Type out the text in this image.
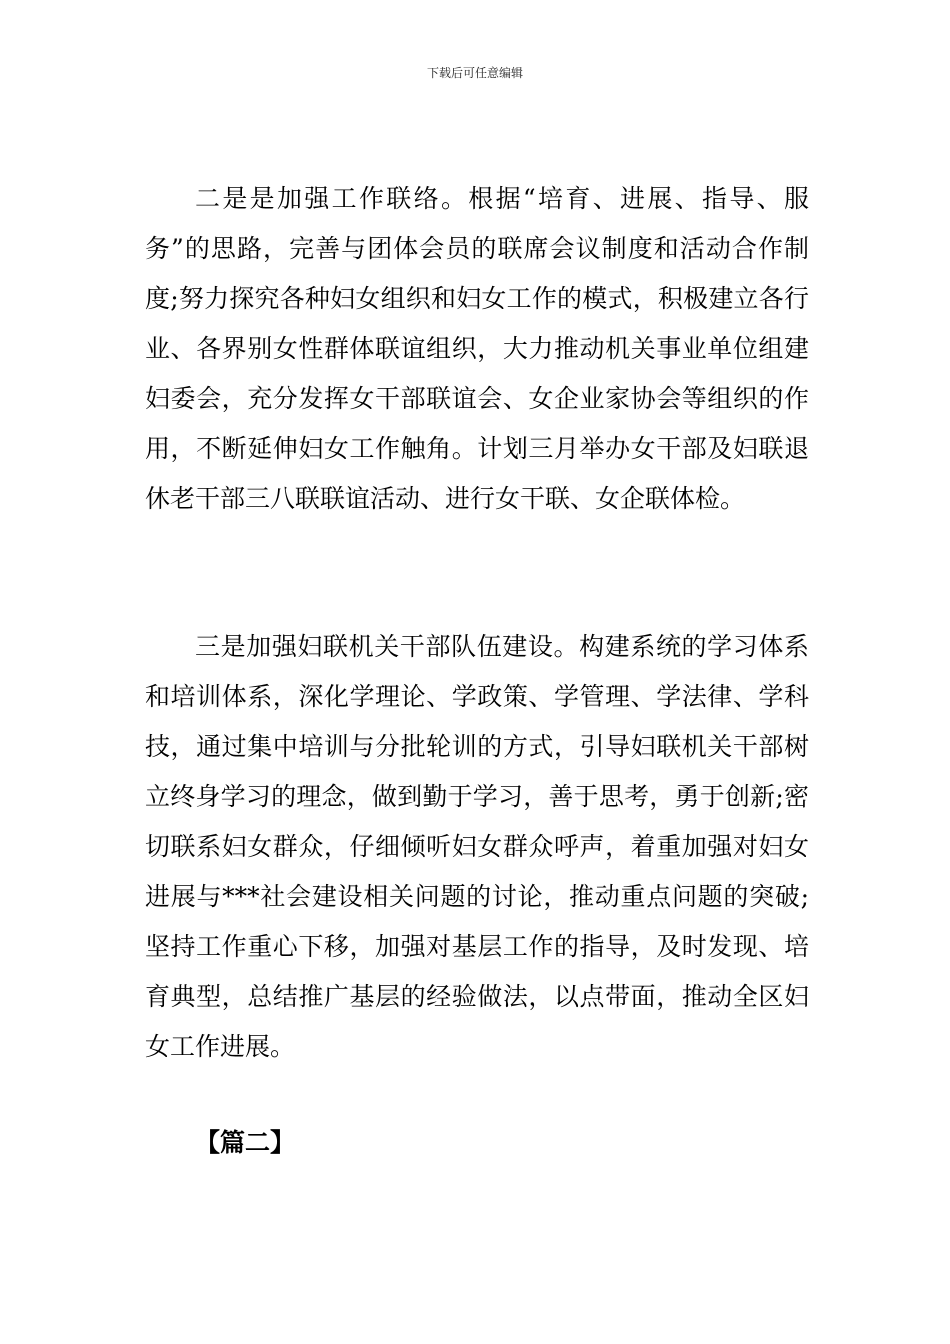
下载后可任意编辑

二是是加强工作联络。根据“培育、进展、指导、服务”的思路，完善与团体会员的联席会议制度和活动合作制度;努力探究各种妇女组织和妇女工作的模式，积极建立各行业、各界别女性群体联谊组织，大力推动机关事业单位组建妇委会，充分发挥女干部联谊会、女企业家协会等组织的作用，不断延伸妇女工作触角。计划三月举办女干部及妇联退休老干部三八联联谊活动、进行女干联、女企联体检。

三是加强妇联机关干部队伍建设。构建系统的学习体系和培训体系，深化学理论、学政策、学管理、学法律、学科技，通过集中培训与分批轮训的方式，引导妇联机关干部树立终身学习的理念，做到勤于学习，善于思考，勇于创新;密切联系妇女群众，仔细倾听妇女群众呼声，着重加强对妇女进展与***社会建设相关问题的讨论，推动重点问题的突破;坚持工作重心下移，加强对基层工作的指导，及时发现、培育典型，总结推广基层的经验做法，以点带面，推动全区妇女工作进展。

【篇二】
